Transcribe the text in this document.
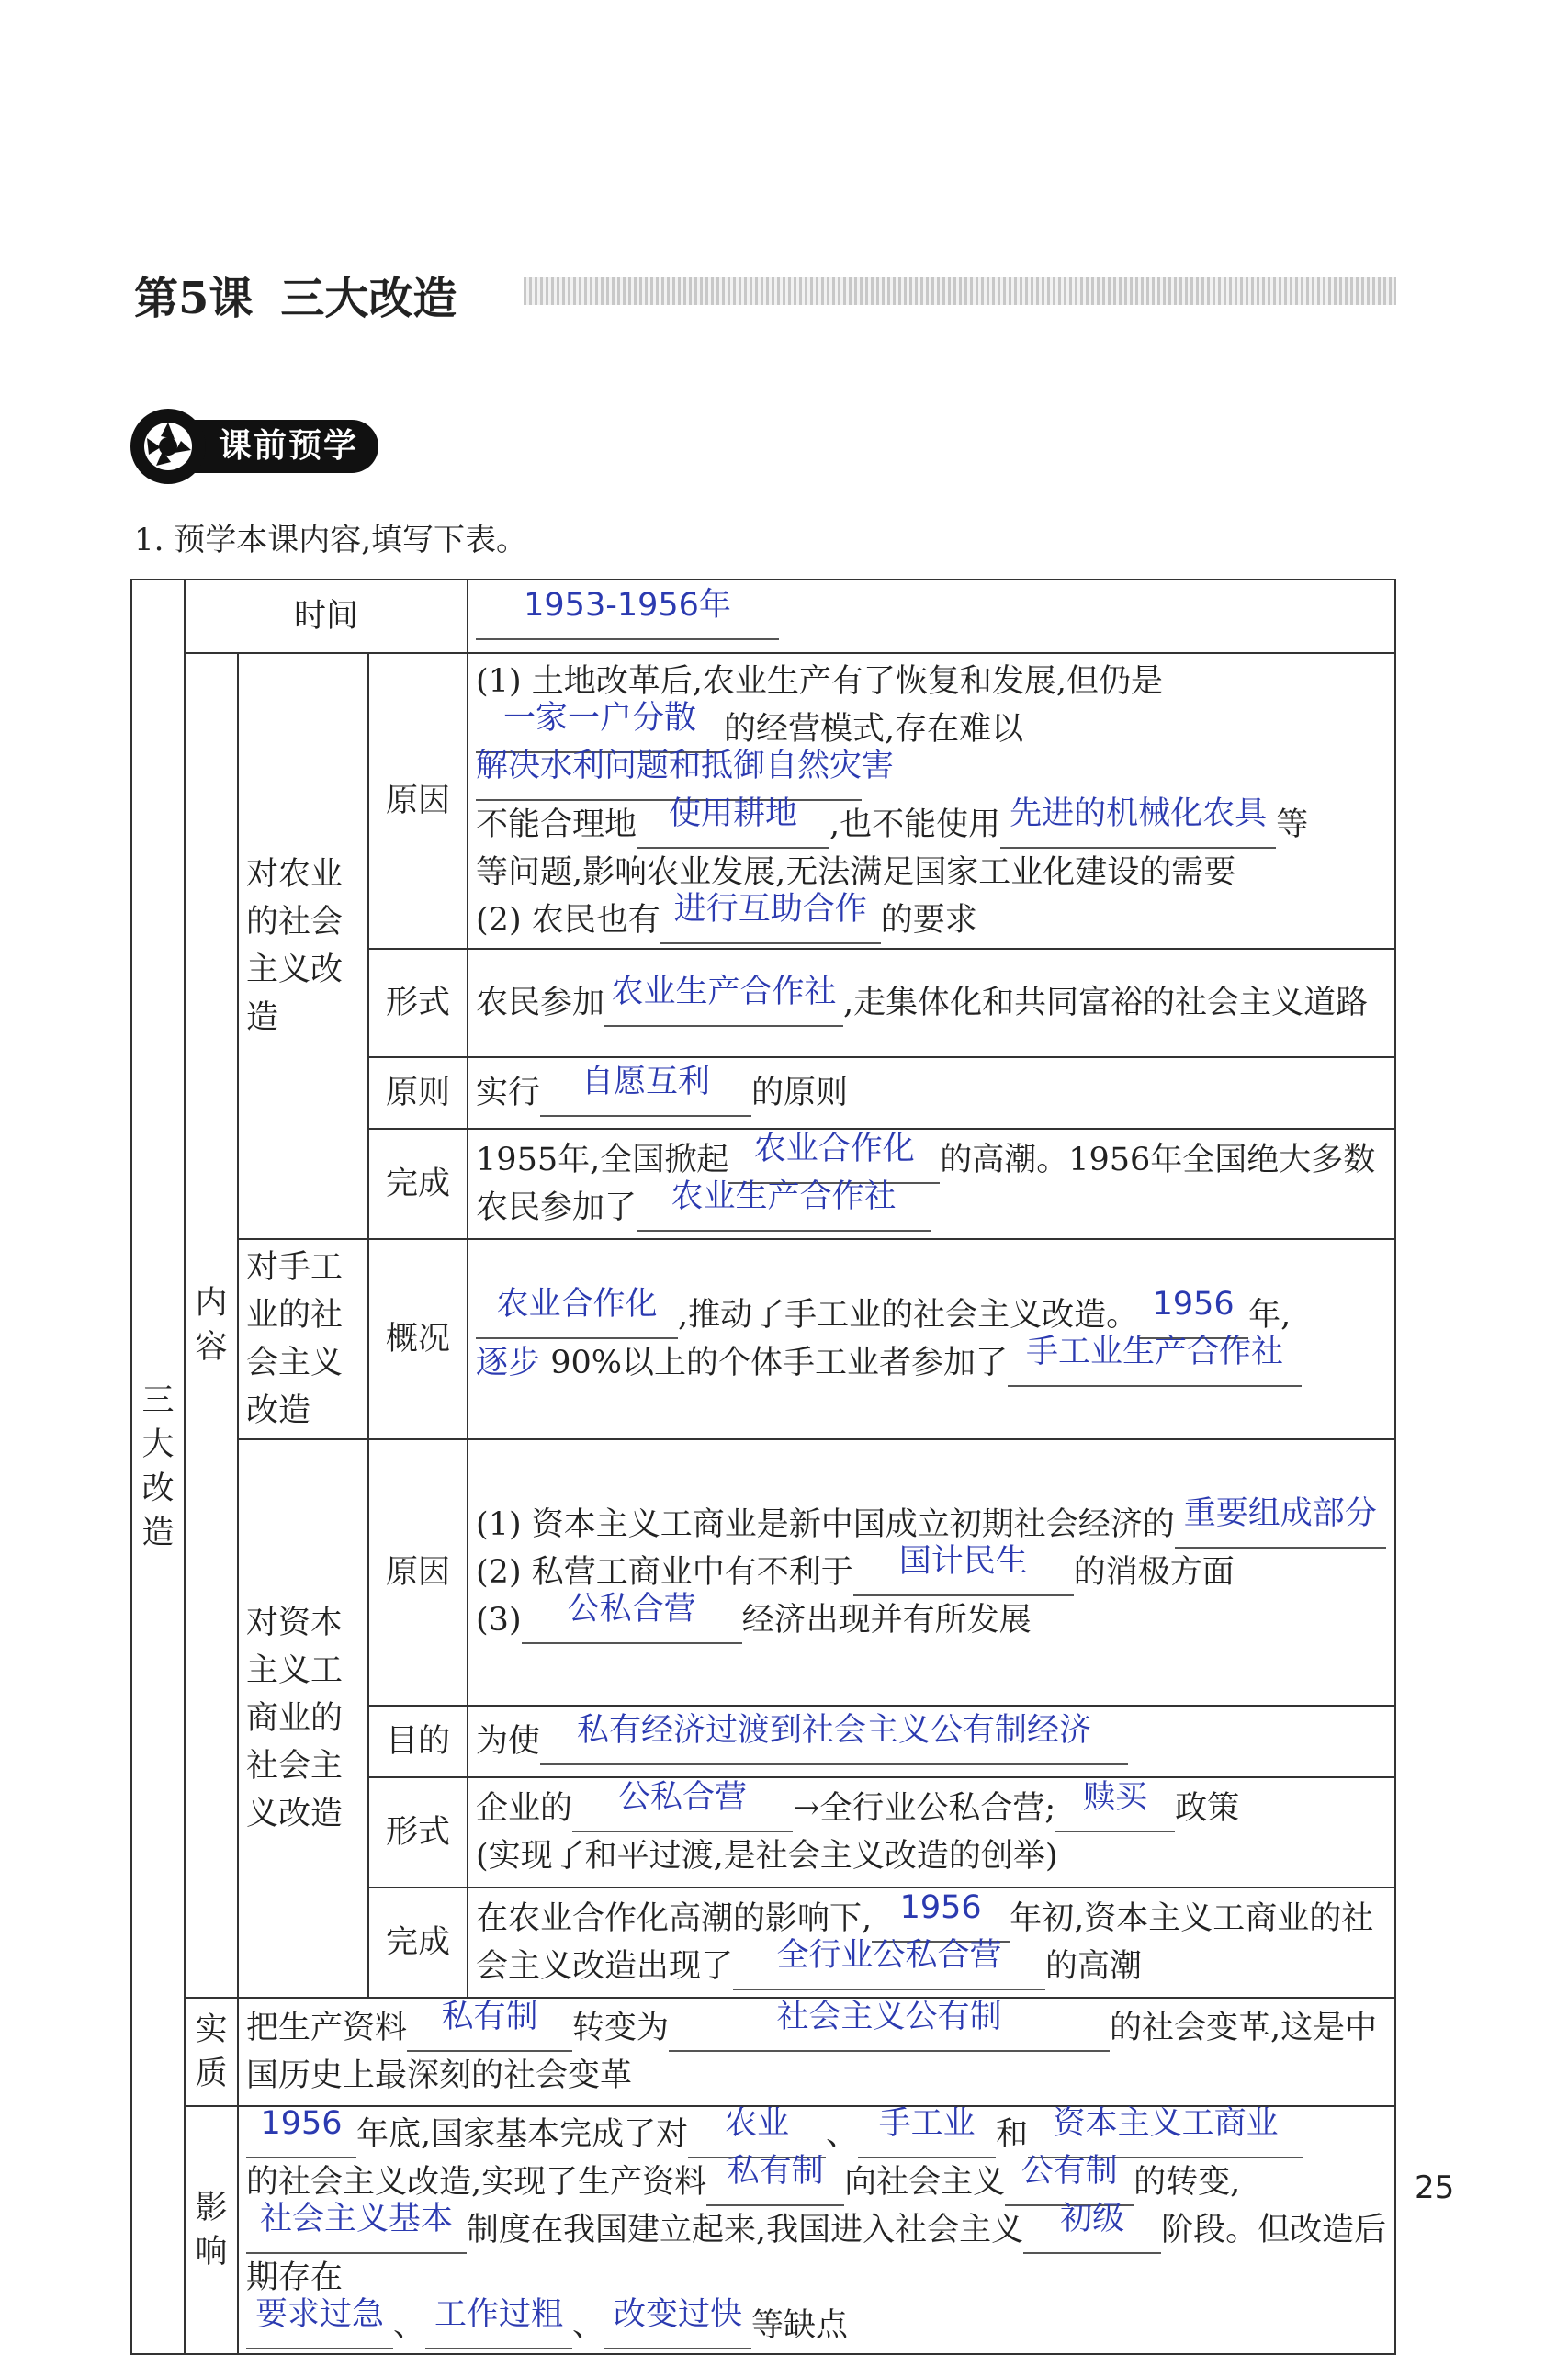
第5课 三大改造
课前预学
1. 预学本课内容,填写下表。
三大改造	时间			1953-1956年
	内容	对农业的社会主义改造	原因	(1) 土地改革后,农业生产有了恢复和发展,但仍是一家一户分散 的经营模式,存在难以解决水利问题和抵御自然灾害
不能合理地 使用耕地 ,也不能使用 先进的机械化农具 等
等问题,影响农业发展,无法满足国家工业化建设的需要
(2) 农民也有 进行互助合作 的要求
			形式	农民参加 农业生产合作社 ,走集体化和共同富裕的社会主义道路
			原则	实行 自愿互利 的原则
			完成	1955年,全国掀起 农业合作化 的高潮。1956年全国绝大多数农民参加了 农业生产合作社
		对手工业的社会主义改造	概况	农业合作化 ,推动了手工业的社会主义改造。 1956 年,
逐步 90%以上的个体手工业者参加了 手工业生产合作社
		对资本主义工商业的社会主义改造	原因	(1) 资本主义工商业是新中国成立初期社会经济的 重要组成部分
(2) 私营工商业中有不利于 国计民生 的消极方面
(3) 公私合营 经济出现并有所发展
			目的	为使 私有经济过渡到社会主义公有制经济
			形式	企业的 公私合营 →全行业公私合营; 赎买 政策
(实现了和平过渡,是社会主义改造的创举)
			完成	在农业合作化高潮的影响下, 1956 年初,资本主义工商业的社会主义改造出现了 全行业公私合营 的高潮
	实质	把生产资料 私有制 转变为 社会主义公有制 的社会变革,这是中国历史上最深刻的社会变革		
	影响	1956 年底,国家基本完成了对 农业 、 手工业 和 资本主义工商业
的社会主义改造,实现了生产资料 私有制 向社会主义 公有制 的转变,
社会主义基本 制度在我国建立起来,我国进入社会主义 初级 阶段。但改造后期存在
要求过急 、 工作过粗 、 改变过快 等缺点		
25
